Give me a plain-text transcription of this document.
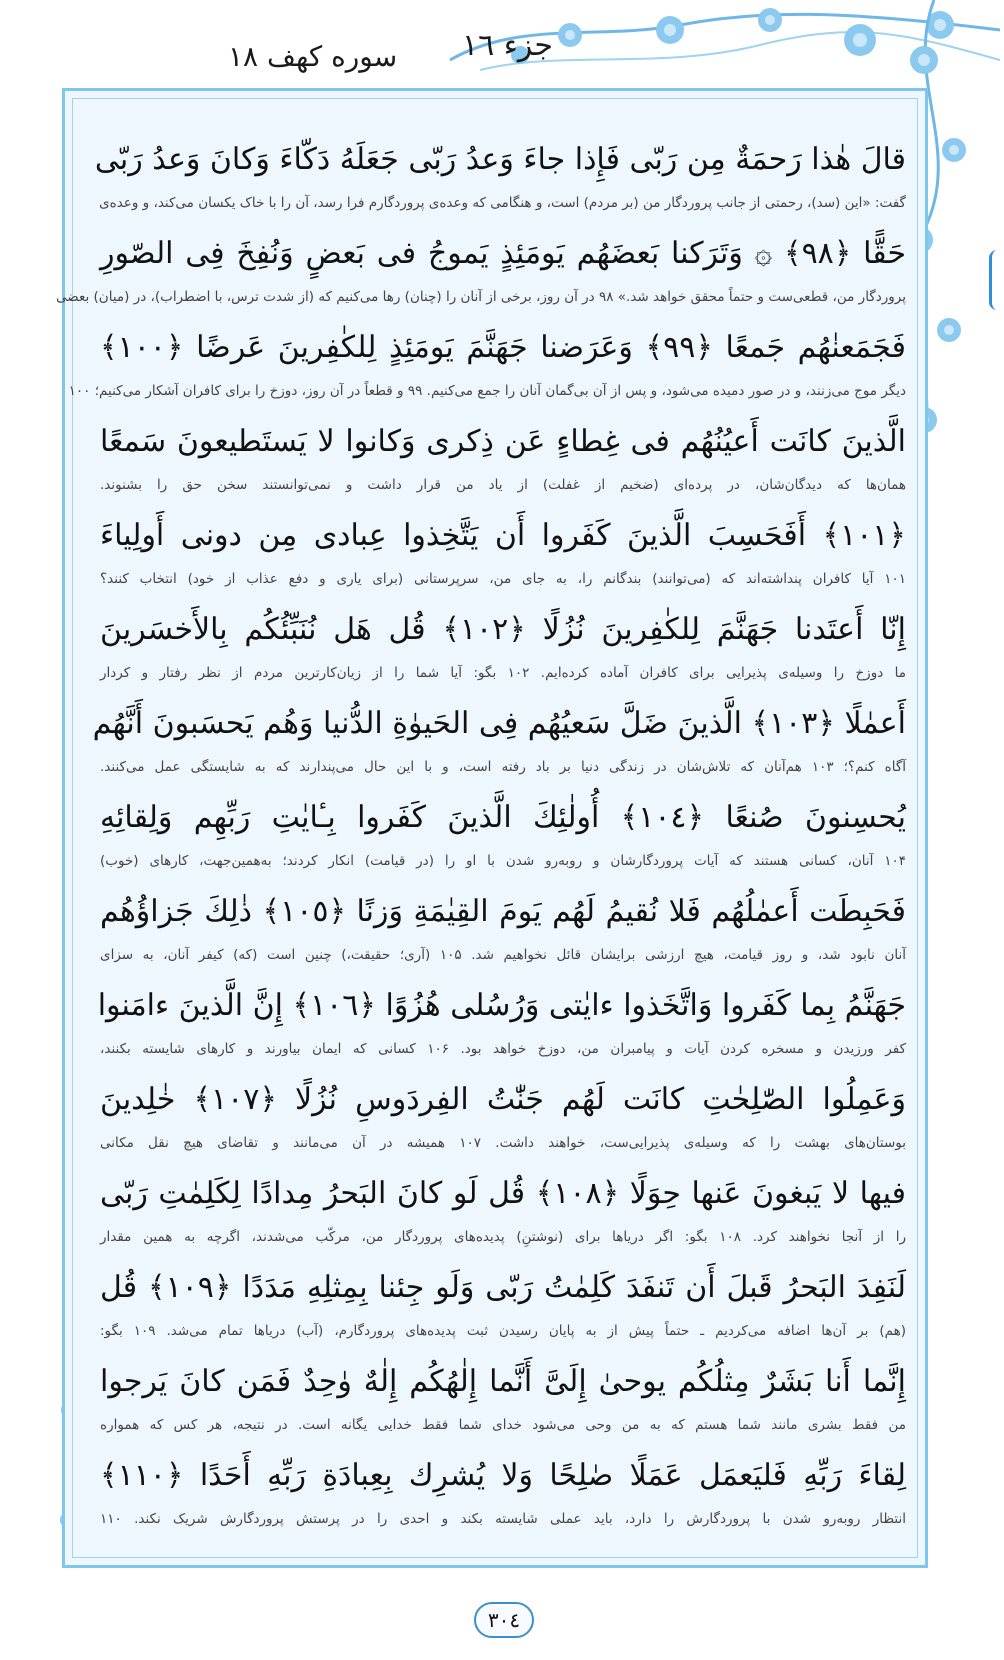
جزء ١٦
سوره كهف ١٨
قالَ هٰذا رَحمَةٌ مِن رَبّى فَإِذا جاءَ وَعدُ رَبّى جَعَلَهُ دَكّاءَ وَكانَ وَعدُ رَبّى
گفت: «این (سد)، رحمتی از جانب پروردگار من (بر مردم) است، و هنگامی که وعده‌ی پروردگارم فرا رسد، آن را با خاک یکسان می‌کند، و وعده‌ی
حَقًّا ﴿٩٨﴾ ۞ وَتَرَكنا بَعضَهُم يَومَئِذٍ يَموجُ فى بَعضٍ وَنُفِخَ فِى الصّورِ
پروردگار من، قطعی‌ست و حتماً محقق خواهد شد.» ۹۸ در آن روز، برخی از آنان را (چنان) رها می‌کنیم که (از شدت ترس، با اضطراب)، در (میان) بعضی
فَجَمَعنٰهُم جَمعًا ﴿٩٩﴾ وَعَرَضنا جَهَنَّمَ يَومَئِذٍ لِلكٰفِرينَ عَرضًا ﴿١٠٠﴾
دیگر موج می‌زنند، و در صور دمیده می‌شود، و پس از آن بی‌گمان آنان را جمع می‌کنیم. ۹۹ و قطعاً در آن روز، دوزخ را برای کافران آشکار می‌کنیم؛ ۱۰۰
الَّذينَ كانَت أَعيُنُهُم فى غِطاءٍ عَن ذِكرى وَكانوا لا يَستَطيعونَ سَمعًا
همان‌ها که دیدگان‌شان، در پرده‌ای (ضخیم از غفلت) از یاد من قرار داشت و نمی‌توانستند سخن حق را بشنوند.
﴿١٠١﴾ أَفَحَسِبَ الَّذينَ كَفَروا أَن يَتَّخِذوا عِبادى مِن دونى أَولِياءَ
۱۰۱ آیا کافران پنداشته‌اند که (می‌توانند) بندگانم را، به جای من، سرپرستانی (برای یاری و دفع عذاب از خود) انتخاب کنند؟
إِنّا أَعتَدنا جَهَنَّمَ لِلكٰفِرينَ نُزُلًا ﴿١٠٢﴾ قُل هَل نُنَبِّئُكُم بِالأَخسَرينَ
ما دوزخ را وسیله‌ی پذیرایی برای کافران آماده کرده‌ایم. ۱۰۲ بگو: آیا شما را از زیان‌کارترین مردم از نظر رفتار و کردار
أَعمٰلًا ﴿١٠٣﴾ الَّذينَ ضَلَّ سَعيُهُم فِى الحَيوٰةِ الدُّنيا وَهُم يَحسَبونَ أَنَّهُم
آگاه کنم؟؛ ۱۰۳ هم‌آنان که تلاش‌شان در زندگی دنیا بر باد رفته است، و با این حال می‌پندارند که به شایستگی عمل می‌کنند.
يُحسِنونَ صُنعًا ﴿١٠٤﴾ أُولٰئِكَ الَّذينَ كَفَروا بِـٔايٰتِ رَبِّهِم وَلِقائِهِ
۱۰۴ آنان، کسانی هستند که آیات پروردگارشان و روبه‌رو شدن با او را (در قیامت) انکار کردند؛ به‌همین‌جهت، کارهای (خوب)
فَحَبِطَت أَعمٰلُهُم فَلا نُقيمُ لَهُم يَومَ القِيٰمَةِ وَزنًا ﴿١٠٥﴾ ذٰلِكَ جَزاؤُهُم
آنان نابود شد، و روز قیامت، هیچ ارزشی برایشان قائل نخواهیم شد. ۱۰۵ (آری؛ حقیقت،) چنین است (که) کیفر آنان، به سزای
جَهَنَّمُ بِما كَفَروا وَاتَّخَذوا ءايٰتى وَرُسُلى هُزُوًا ﴿١٠٦﴾ إِنَّ الَّذينَ ءامَنوا
کفر ورزیدن و مسخره کردن آیات و پیامبران من، دوزخ خواهد بود. ۱۰۶ کسانی که ایمان بیاورند و کارهای شایسته بکنند،
وَعَمِلُوا الصّٰلِحٰتِ كانَت لَهُم جَنّٰتُ الفِردَوسِ نُزُلًا ﴿١٠٧﴾ خٰلِدينَ
بوستان‌های بهشت را که وسیله‌ی پذیرایی‌ست، خواهند داشت. ۱۰۷ همیشه در آن می‌مانند و تقاضای هیچ نقل مکانی
فيها لا يَبغونَ عَنها حِوَلًا ﴿١٠٨﴾ قُل لَو كانَ البَحرُ مِدادًا لِكَلِمٰتِ رَبّى
را از آنجا نخواهند کرد. ۱۰۸ بگو: اگر دریاها برای (نوشتنِ) پدیده‌های پروردگار من، مرکّب می‌شدند، اگرچه به همین مقدار
لَنَفِدَ البَحرُ قَبلَ أَن تَنفَدَ كَلِمٰتُ رَبّى وَلَو جِئنا بِمِثلِهِ مَدَدًا ﴿١٠٩﴾ قُل
(هم) بر آن‌ها اضافه می‌کردیم ـ حتماً پیش از به پایان رسیدن ثبت پدیده‌های پروردگارم، (آب) دریاها تمام می‌شد. ۱۰۹ بگو:
إِنَّما أَنا بَشَرٌ مِثلُكُم يوحىٰ إِلَىَّ أَنَّما إِلٰهُكُم إِلٰهٌ وٰحِدٌ فَمَن كانَ يَرجوا
من فقط بشری مانند شما هستم که به من وحی می‌شود خدای شما فقط خدایی یگانه است. در نتیجه، هر کس که همواره
لِقاءَ رَبِّهِ فَليَعمَل عَمَلًا صٰلِحًا وَلا يُشرِك بِعِبادَةِ رَبِّهِ أَحَدًا ﴿١١٠﴾
انتظار روبه‌رو شدن با پروردگارش را دارد، باید عملی شایسته بکند و احدی را در پرستش پروردگارش شریک نکند. ۱۱۰
٣٠٤
